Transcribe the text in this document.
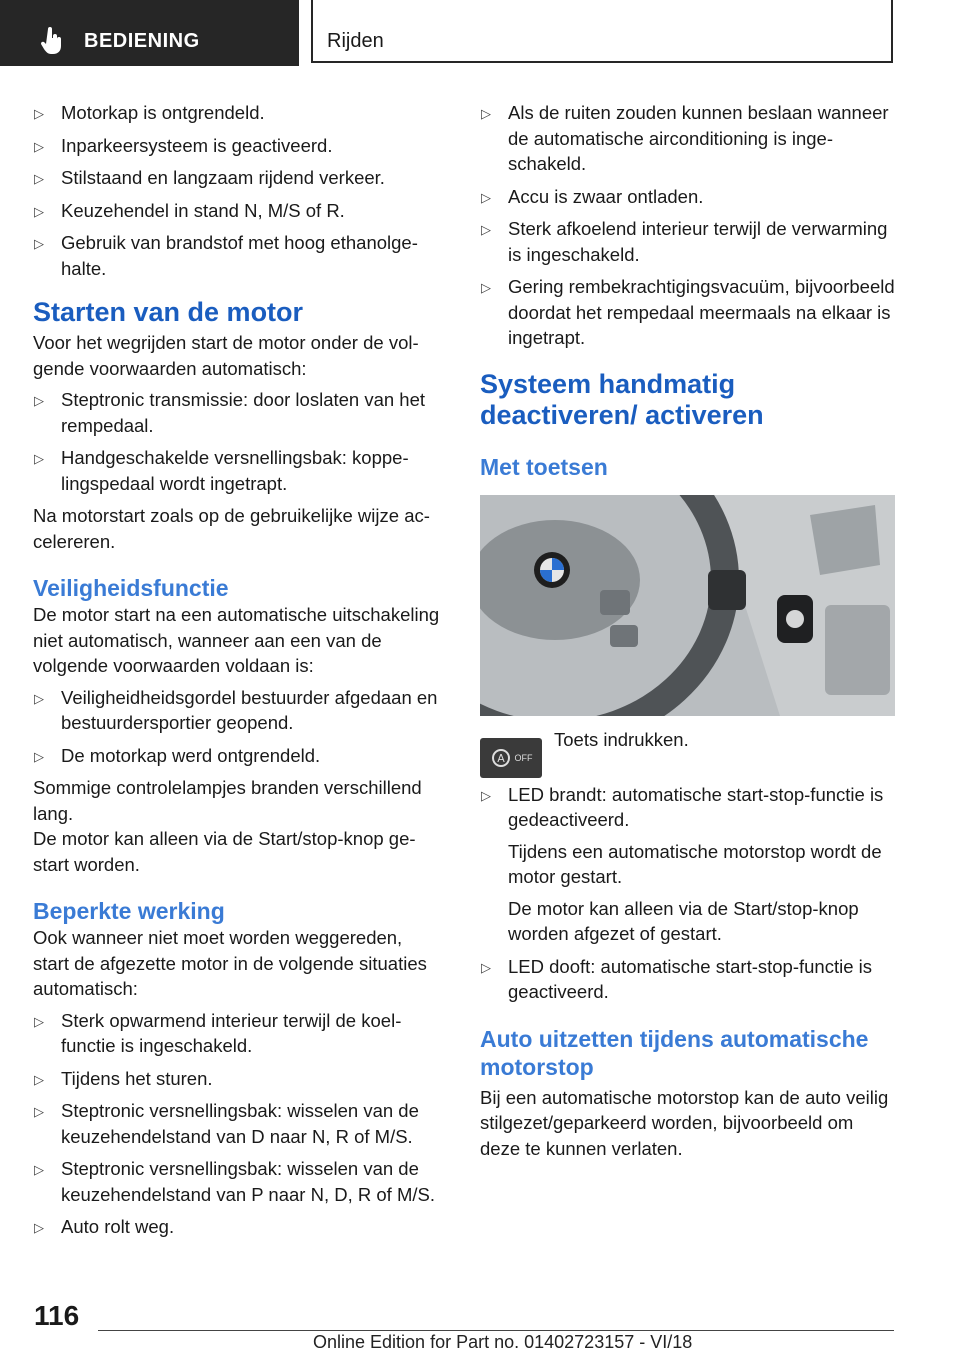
BEDIENING	Rijden
▷ Motorkap is ontgrendeld.
▷ Inparkeersysteem is geactiveerd.
▷ Stilstaand en langzaam rijdend verkeer.
▷ Keuzehendel in stand N, M/S of R.
▷ Gebruik van brandstof met hoog ethanolgehalte.
Starten van de motor

Voor het wegrijden start de motor onder de volgende voorwaarden automatisch:

▷ Steptronic transmissie: door loslaten van het rempedaal.
▷ Handgeschakelde versnellingsbak: koppelingspedaal wordt ingetrapt.

Na motorstart zoals op de gebruikelijke wijze accelereren.

Veiligheidsfunctie

De motor start na een automatische uitschakeling niet automatisch, wanneer aan een van de volgende voorwaarden voldaan is:

▷ Veiligheidheidsgordel bestuurder afgedaan en bestuurdersportier geopend.
▷ De motorkap werd ontgrendeld.

Sommige controlelampjes branden verschillend lang.

De motor kan alleen via de Start/stop-knop gestart worden.

Beperkte werking

Ook wanneer niet moet worden weggereden, start de afgezette motor in de volgende situaties automatisch:

▷ Sterk opwarmend interieur terwijl de koelfunctie is ingeschakeld.
▷ Tijdens het sturen.
▷ Steptronic versnellingsbak: wisselen van de keuzehendelstand van D naar N, R of M/S.
▷ Steptronic versnellingsbak: wisselen van de keuzehendelstand van P naar N, D, R of M/S.
▷ Auto rolt weg.
▷ Als de ruiten zouden kunnen beslaan wanneer de automatische airconditioning is ingeschakeld.
▷ Accu is zwaar ontladen.
▷ Sterk afkoelend interieur terwijl de verwarming is ingeschakeld.
▷ Gering rembekrachtigingsvacuüm, bijvoorbeeld doordat het rempedaal meermaals na elkaar is ingetrapt.
Systeem handmatig deactiveren/ activeren
Met toetsen
A OFF
Toets indrukken.
▷ LED brandt: automatische start-stop-functie is gedeactiveerd.
Tijdens een automatische motorstop wordt de motor gestart.
De motor kan alleen via de Start/stop-knop worden afgezet of gestart.
▷ LED dooft: automatische start-stop-functie is geactiveerd.
Auto uitzetten tijdens automatische motorstop

Bij een automatische motorstop kan de auto veilig stilgezet/geparkeerd worden, bijvoorbeeld om deze te kunnen verlaten.

116
Online Edition for Part no. 01402723157 - VI/18
